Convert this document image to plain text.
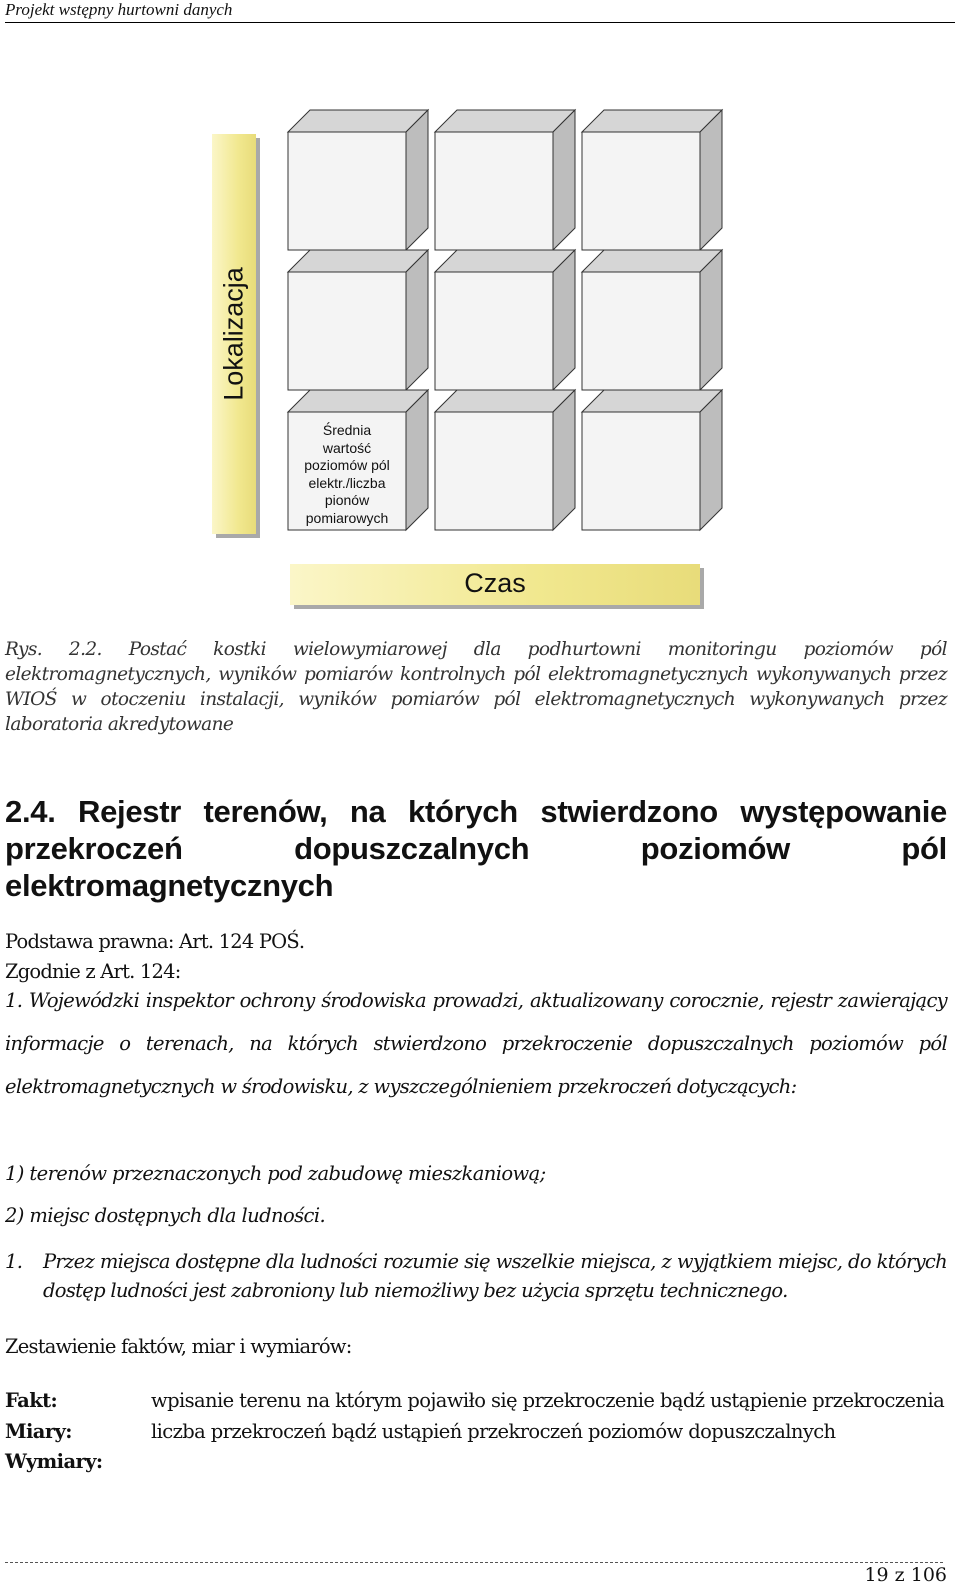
Projekt wstępny hurtowni danych
Lokalizacja
Czas
Średnia
wartość
poziomów pól
elektr./liczba
pionów
pomiarowych
Rys. 2.2. Postać kostki wielowymiarowej dla podhurtowni monitoringu poziomów pól elektromagnetycznych, wyników pomiarów kontrolnych pól elektromagnetycznych wykonywanych przez WIOŚ w otoczeniu instalacji, wyników pomiarów pól elektromagnetycznych wykonywanych przez laboratoria akredytowane
2.4. Rejestr terenów, na których stwierdzono występowanie przekroczeń dopuszczalnych poziomów pól elektromagnetycznych
Podstawa prawna: Art. 124 POŚ.
Zgodnie z Art. 124:
1. Wojewódzki inspektor ochrony środowiska prowadzi, aktualizowany corocznie, rejestr zawierający informacje o terenach, na których stwierdzono przekroczenie dopuszczalnych poziomów pól elektromagnetycznych w środowisku, z wyszczególnieniem przekroczeń dotyczących:
1) terenów przeznaczonych pod zabudowę mieszkaniową;
2) miejsc dostępnych dla ludności.
1. Przez miejsca dostępne dla ludności rozumie się wszelkie miejsca, z wyjątkiem miejsc, do których dostęp ludności jest zabroniony lub niemożliwy bez użycia sprzętu technicznego.
Zestawienie faktów, miar i wymiarów:
Fakt:	wpisanie terenu na którym pojawiło się przekroczenie bądź ustąpienie przekroczenia
Miary:	liczba przekroczeń bądź ustąpień przekroczeń poziomów dopuszczalnych
Wymiary:

19 z 106
